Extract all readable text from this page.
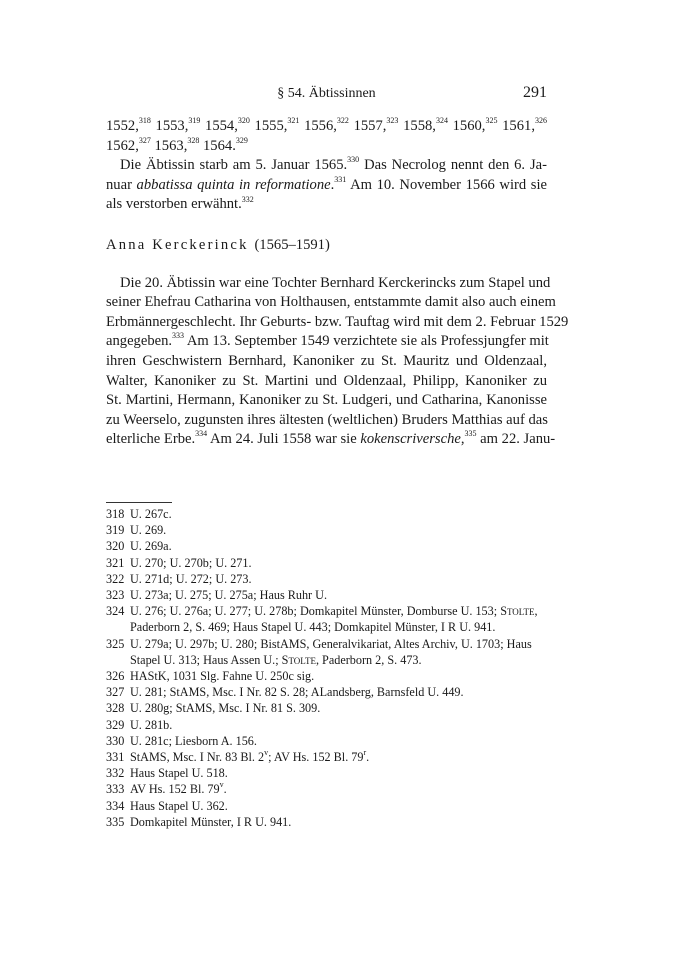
§ 54. Äbtissinnen	291

1552,$^{318}$ 1553,$^{319}$ 1554,$^{320}$ 1555,$^{321}$ 1556,$^{322}$ 1557,$^{323}$ 1558,$^{324}$ 1560,$^{325}$ 1561,$^{326}$
1562,$^{327}$ 1563,$^{328}$ 1564.$^{329}$

Die Äbtissin starb am 5. Januar 1565.$^{330}$ Das Necrolog nennt den 6. Ja-
nuar abbatissa quinta in reformatione.$^{331}$ Am 10. November 1566 wird sie
als verstorben erwähnt.$^{332}$

Anna Kerckerinck (1565–1591)

Die 20. Äbtissin war eine Tochter Bernhard Kerckerincks zum Stapel und
seiner Ehefrau Catharina von Holthausen, entstammte damit also auch einem
Erbmännergeschlecht. Ihr Geburts- bzw. Tauftag wird mit dem 2. Februar 1529
angegeben.$^{333}$ Am 13. September 1549 verzichtete sie als Professjungfer mit
ihren Geschwistern Bernhard, Kanoniker zu St. Mauritz und Oldenzaal,
Walter, Kanoniker zu St. Martini und Oldenzaal, Philipp, Kanoniker zu
St. Martini, Hermann, Kanoniker zu St. Ludgeri, und Catharina, Kanonisse
zu Weerselo, zugunsten ihres ältesten (weltlichen) Bruders Matthias auf das
elterliche Erbe.$^{334}$ Am 24. Juli 1558 war sie kokenscriversche,$^{335}$ am 22. Janu-

318 U. 267c.
319 U. 269.
320 U. 269a.
321 U. 270; U. 270b; U. 271.
322 U. 271d; U. 272; U. 273.
323 U. 273a; U. 275; U. 275a; Haus Ruhr U.
324 U. 276; U. 276a; U. 277; U. 278b; Domkapitel Münster, Domburse U. 153; Stolte,
Paderborn 2, S. 469; Haus Stapel U. 443; Domkapitel Münster, I R U. 941.
325 U. 279a; U. 297b; U. 280; BistAMS, Generalvikariat, Altes Archiv, U. 1703; Haus
Stapel U. 313; Haus Assen U.; Stolte, Paderborn 2, S. 473.
326 HAStK, 1031 Slg. Fahne U. 250c sig.
327 U. 281; StAMS, Msc. I Nr. 82 S. 28; ALandsberg, Barnsfeld U. 449.
328 U. 280g; StAMS, Msc. I Nr. 81 S. 309.
329 U. 281b.
330 U. 281c; Liesborn A. 156.
331 StAMS, Msc. I Nr. 83 Bl. 2$^v$; AV Hs. 152 Bl. 79$^r$.
332 Haus Stapel U. 518.
333 AV Hs. 152 Bl. 79$^v$.
334 Haus Stapel U. 362.
335 Domkapitel Münster, I R U. 941.
